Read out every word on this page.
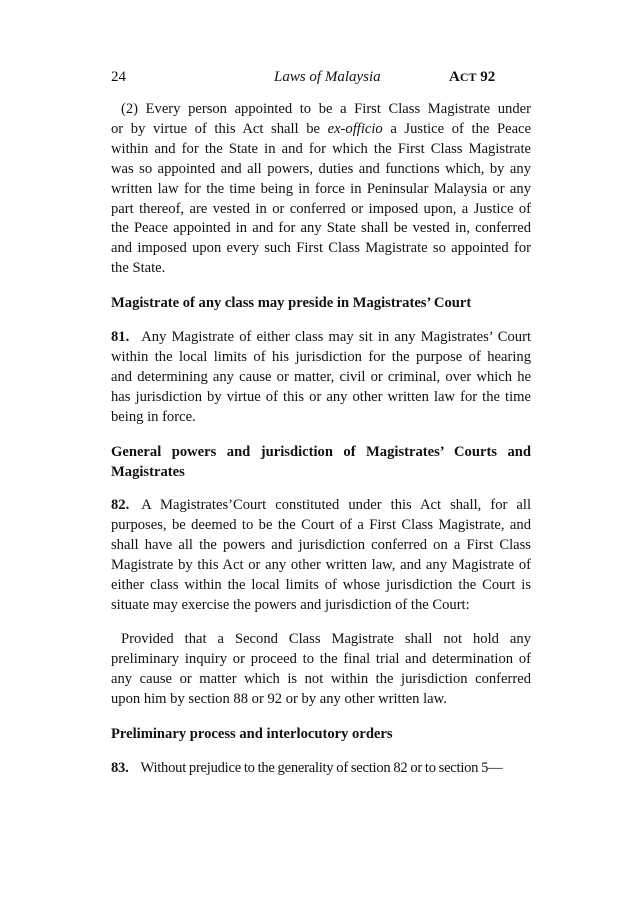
24	Laws of Malaysia	ACT 92
(2) Every person appointed to be a First Class Magistrate under
or by virtue of this Act shall be ex-officio a Justice of the Peace
within and for the State in and for which the First Class Magistrate
was so appointed and all powers, duties and functions which, by any
written law for the time being in force in Peninsular Malaysia or any
part thereof, are vested in or conferred or imposed upon, a Justice of
the Peace appointed in and for any State shall be vested in, conferred
and imposed upon every such First Class Magistrate so appointed for
the State.
Magistrate of any class may preside in Magistrates’ Court
81. Any Magistrate of either class may sit in any Magistrates’ Court
within the local limits of his jurisdiction for the purpose of hearing
and determining any cause or matter, civil or criminal, over which he
has jurisdiction by virtue of this or any other written law for the time
being in force.
General powers and jurisdiction of Magistrates’ Courts and
Magistrates
82. A Magistrates’Court constituted under this Act shall, for all
purposes, be deemed to be the Court of a First Class Magistrate, and
shall have all the powers and jurisdiction conferred on a First Class
Magistrate by this Act or any other written law, and any Magistrate of
either class within the local limits of whose jurisdiction the Court is
situate may exercise the powers and jurisdiction of the Court:
Provided that a Second Class Magistrate shall not hold any
preliminary inquiry or proceed to the final trial and determination of
any cause or matter which is not within the jurisdiction conferred
upon him by section 88 or 92 or by any other written law.
Preliminary process and interlocutory orders
83. Without prejudice to the generality of section 82 or to section 5—
